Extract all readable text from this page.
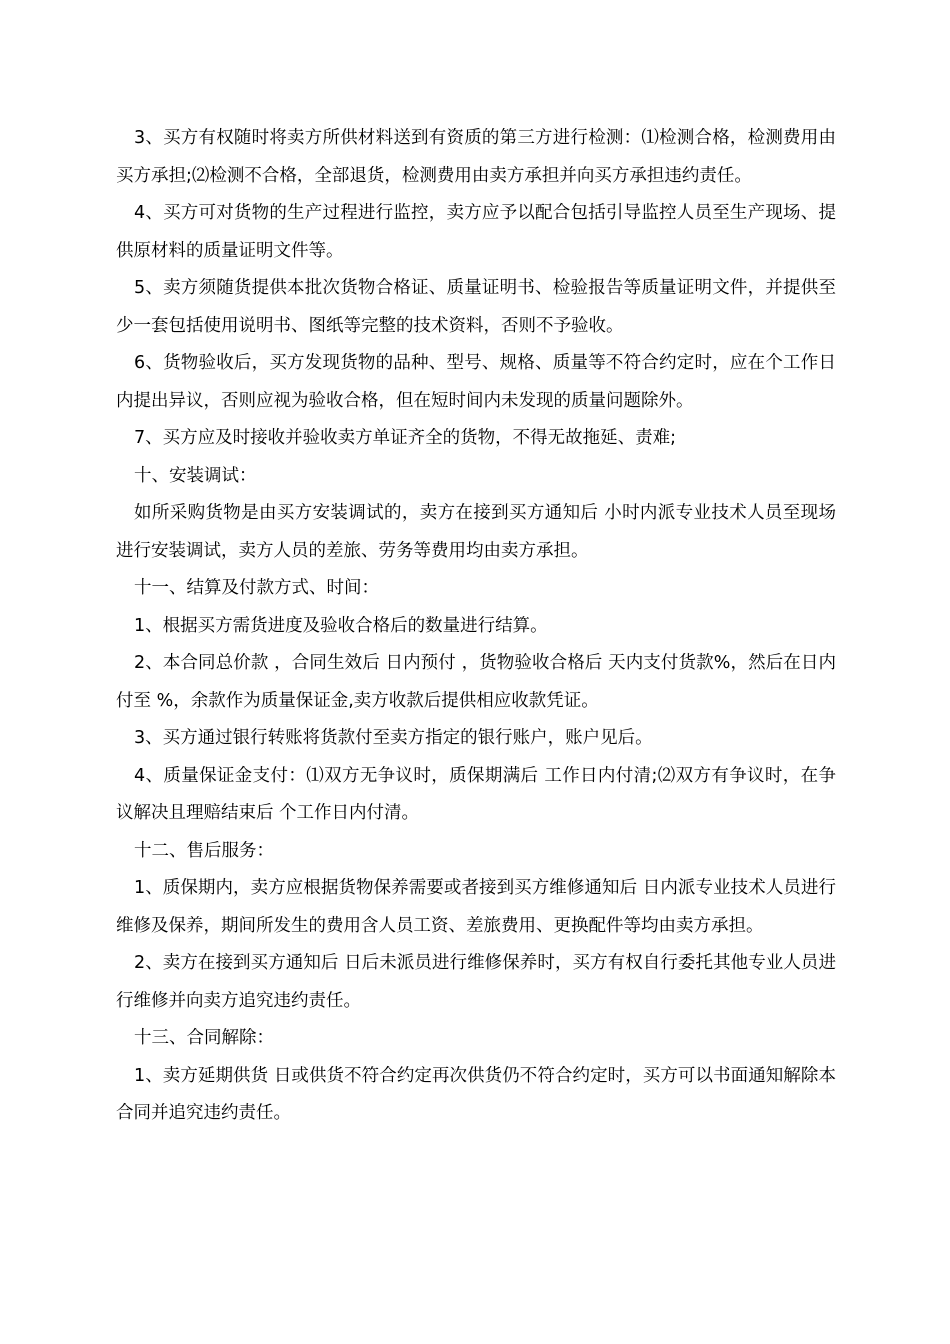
3、买方有权随时将卖方所供材料送到有资质的第三方进行检测：⑴检测合格，检测费用由买方承担;⑵检测不合格，全部退货，检测费用由卖方承担并向买方承担违约责任。

4、买方可对货物的生产过程进行监控，卖方应予以配合包括引导监控人员至生产现场、提供原材料的质量证明文件等。

5、卖方须随货提供本批次货物合格证、质量证明书、检验报告等质量证明文件，并提供至少一套包括使用说明书、图纸等完整的技术资料，否则不予验收。

6、货物验收后，买方发现货物的品种、型号、规格、质量等不符合约定时，应在个工作日内提出异议，否则应视为验收合格，但在短时间内未发现的质量问题除外。

7、买方应及时接收并验收卖方单证齐全的货物，不得无故拖延、责难;

十、安装调试：

如所采购货物是由买方安装调试的，卖方在接到买方通知后 小时内派专业技术人员至现场进行安装调试，卖方人员的差旅、劳务等费用均由卖方承担。

十一、结算及付款方式、时间：

1、根据买方需货进度及验收合格后的数量进行结算。

2、本合同总价款 ，合同生效后 日内预付 ，货物验收合格后 天内支付货款%，然后在日内付至 %，余款作为质量保证金,卖方收款后提供相应收款凭证。

3、买方通过银行转账将货款付至卖方指定的银行账户，账户见后。

4、质量保证金支付：⑴双方无争议时，质保期满后 工作日内付清;⑵双方有争议时，在争议解决且理赔结束后 个工作日内付清。

十二、售后服务：

1、质保期内，卖方应根据货物保养需要或者接到买方维修通知后 日内派专业技术人员进行维修及保养，期间所发生的费用含人员工资、差旅费用、更换配件等均由卖方承担。

2、卖方在接到买方通知后 日后未派员进行维修保养时，买方有权自行委托其他专业人员进行维修并向卖方追究违约责任。

十三、合同解除：

1、卖方延期供货 日或供货不符合约定再次供货仍不符合约定时，买方可以书面通知解除本合同并追究违约责任。
